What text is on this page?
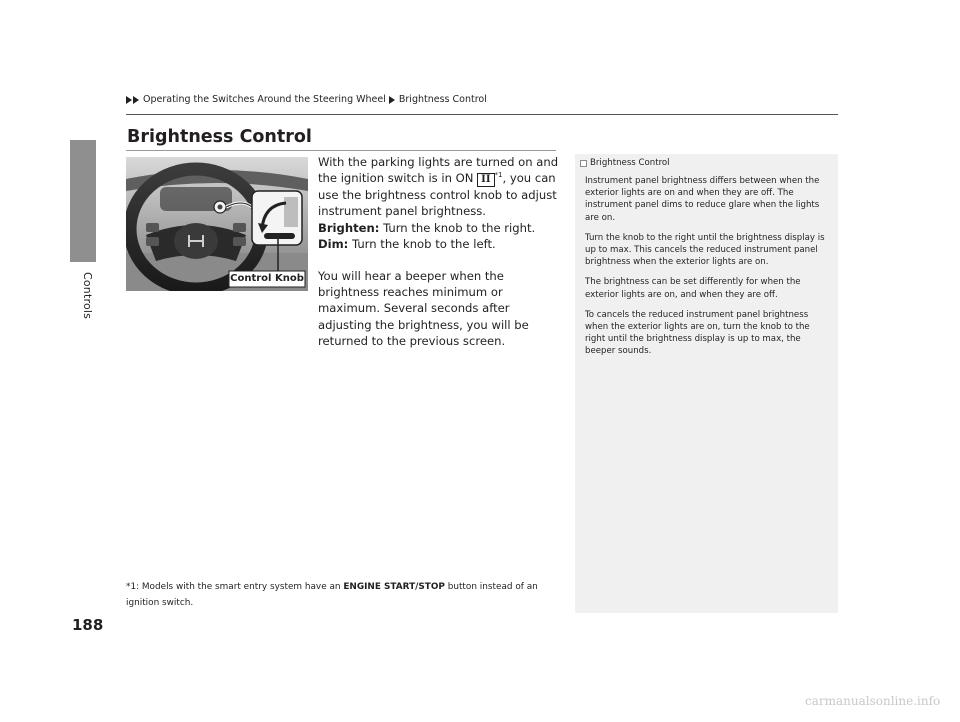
Controls
188
Operating the Switches Around the Steering Wheel Brightness Control
Brightness Control
Control Knob

With the parking lights are turned on and the ignition switch is in ON II $^{*1}$, you can use the brightness control knob to adjust instrument panel brightness.

Brighten: Turn the knob to the right.

Dim: Turn the knob to the left.

You will hear a beeper when the brightness reaches minimum or maximum. Several seconds after adjusting the brightness, you will be returned to the previous screen.

Brightness Control

Instrument panel brightness differs between when the exterior lights are on and when they are off. The instrument panel dims to reduce glare when the lights are on.

Turn the knob to the right until the brightness display is up to max. This cancels the reduced instrument panel brightness when the exterior lights are on.

The brightness can be set differently for when the exterior lights are on, and when they are off.

To cancels the reduced instrument panel brightness when the exterior lights are on, turn the knob to the right until the brightness display is up to max, the beeper sounds.

*1: Models with the smart entry system have an ENGINE START/STOP button instead of an ignition switch.
carmanualsonline.info
